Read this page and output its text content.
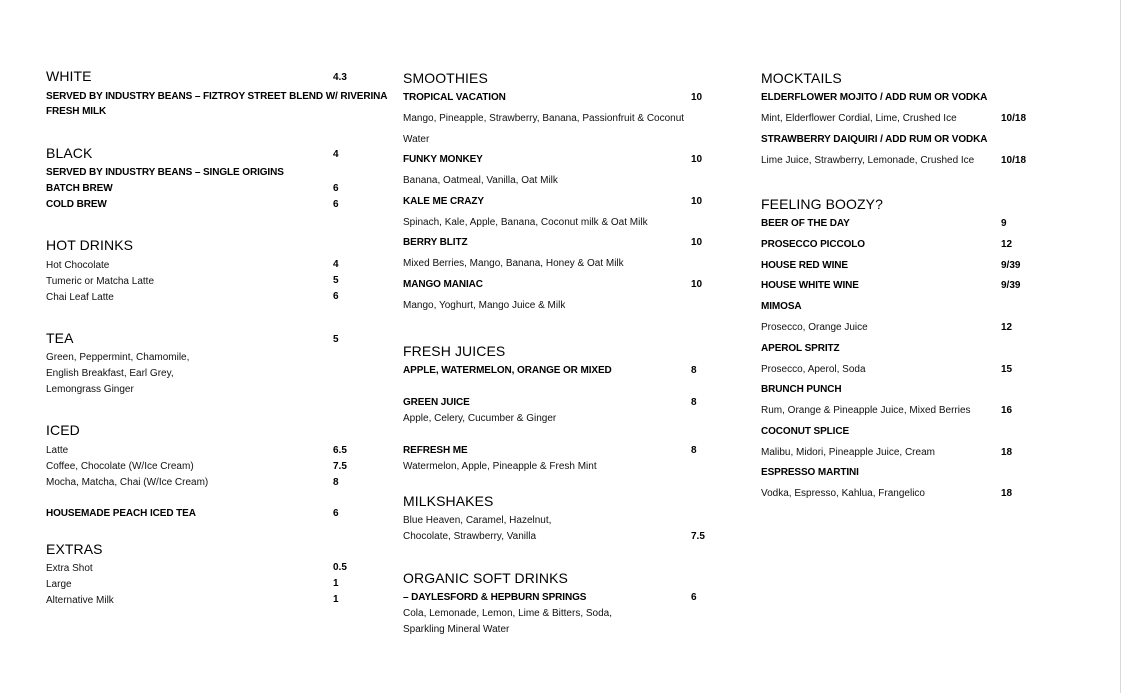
WHITE	4.3
SERVED BY INDUSTRY BEANS – FIZTROY STREET BLEND W/ RIVERINA
FRESH MILK
BLACK	4
SERVED BY INDUSTRY BEANS – SINGLE ORIGINS
BATCH BREW	6
COLD BREW	6
HOT DRINKS
Hot Chocolate	4
Tumeric or Matcha Latte	5
Chai Leaf Latte	6
TEA	5
Green, Peppermint, Chamomile,
English Breakfast, Earl Grey,
Lemongrass Ginger
ICED
Latte	6.5
Coffee, Chocolate (W/Ice Cream)	7.5
Mocha, Matcha, Chai (W/Ice Cream)	8
HOUSEMADE PEACH ICED TEA	6
EXTRAS
Extra Shot	0.5
Large	1
Alternative Milk	1
SMOOTHIES
TROPICAL VACATION	10
Mango, Pineapple, Strawberry, Banana, Passionfruit & Coconut
Water
FUNKY MONKEY	10
Banana, Oatmeal, Vanilla, Oat Milk
KALE ME CRAZY	10
Spinach, Kale, Apple, Banana, Coconut milk & Oat Milk
BERRY BLITZ	10
Mixed Berries, Mango, Banana, Honey & Oat Milk
MANGO MANIAC	10
Mango, Yoghurt, Mango Juice & Milk
FRESH JUICES
APPLE, WATERMELON, ORANGE OR MIXED	8
GREEN JUICE	8
Apple, Celery, Cucumber & Ginger
REFRESH ME	8
Watermelon, Apple, Pineapple & Fresh Mint
MILKSHAKES
Blue Heaven, Caramel, Hazelnut,
Chocolate, Strawberry, Vanilla	7.5
ORGANIC SOFT DRINKS
– DAYLESFORD & HEPBURN SPRINGS	6
Cola, Lemonade, Lemon, Lime & Bitters, Soda,
Sparkling Mineral Water
MOCKTAILS
ELDERFLOWER MOJITO / ADD RUM OR VODKA
Mint, Elderflower Cordial, Lime, Crushed Ice	10/18
STRAWBERRY DAIQUIRI / ADD RUM OR VODKA
Lime Juice, Strawberry, Lemonade, Crushed Ice	10/18
FEELING BOOZY?
BEER OF THE DAY	9
PROSECCO PICCOLO	12
HOUSE RED WINE	9/39
HOUSE WHITE WINE	9/39
MIMOSA
Prosecco, Orange Juice	12
APEROL SPRITZ
Prosecco, Aperol, Soda	15
BRUNCH PUNCH
Rum, Orange & Pineapple Juice, Mixed Berries	16
COCONUT SPLICE
Malibu, Midori, Pineapple Juice, Cream	18
ESPRESSO MARTINI
Vodka, Espresso, Kahlua, Frangelico	18
